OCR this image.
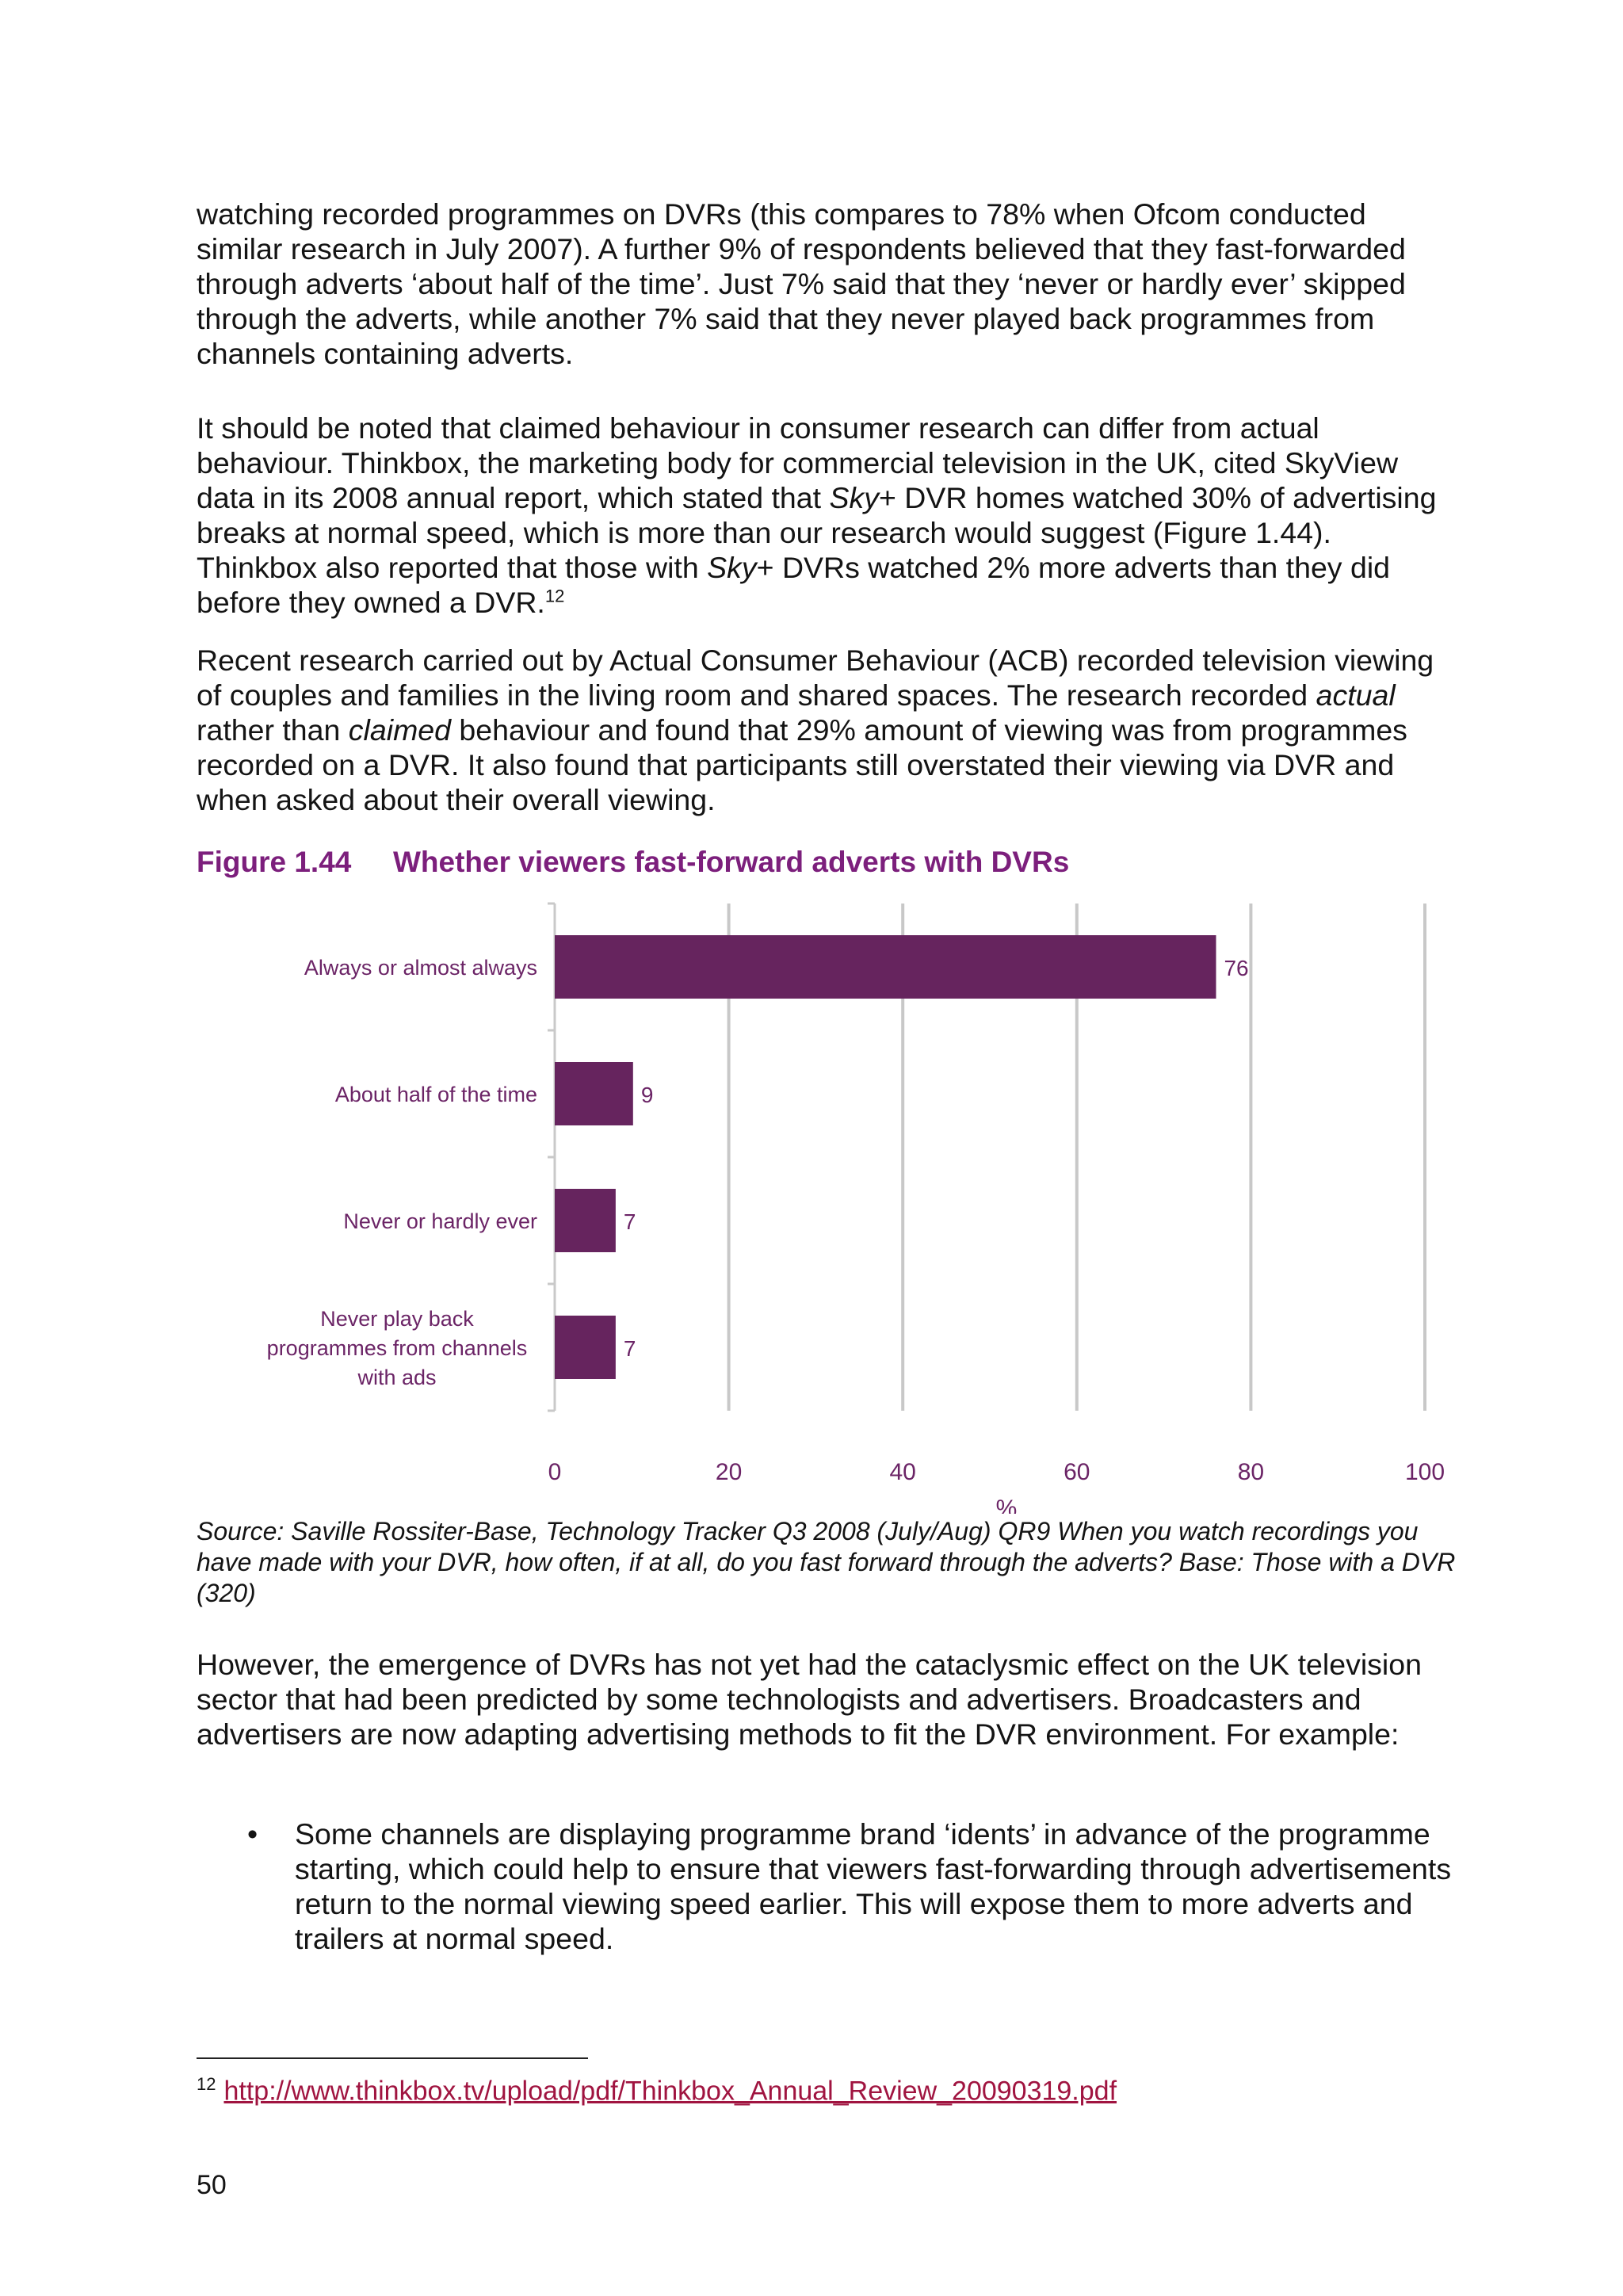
watching recorded programmes on DVRs (this compares to 78% when Ofcom conducted similar research in July 2007). A further 9% of respondents believed that they fast-forwarded through adverts ‘about half of the time’. Just 7% said that they ‘never or hardly ever’ skipped through the adverts, while another 7% said that they never played back programmes from channels containing adverts.

It should be noted that claimed behaviour in consumer research can differ from actual behaviour. Thinkbox, the marketing body for commercial television in the UK, cited SkyView data in its 2008 annual report, which stated that Sky+ DVR homes watched 30% of advertising breaks at normal speed, which is more than our research would suggest (Figure 1.44). Thinkbox also reported that those with Sky+ DVRs watched 2% more adverts than they did before they owned a DVR.$^{12}$

Recent research carried out by Actual Consumer Behaviour (ACB) recorded television viewing of couples and families in the living room and shared spaces. The research recorded actual rather than claimed behaviour and found that 29% amount of viewing was from programmes recorded on a DVR. It also found that participants still overstated their viewing via DVR and when asked about their overall viewing.

Figure 1.44 Whether viewers fast-forward adverts with DVRs

76
Always or almost always
9
About half of the time
7
Never or hardly ever
7
Never play back programmes from channels with ads
0	20	40	60	80	100
%

Source: Saville Rossiter-Base, Technology Tracker Q3 2008 (July/Aug) QR9 When you watch recordings you have made with your DVR, how often, if at all, do you fast forward through the adverts? Base: Those with a DVR (320)

However, the emergence of DVRs has not yet had the cataclysmic effect on the UK television sector that had been predicted by some technologists and advertisers. Broadcasters and advertisers are now adapting advertising methods to fit the DVR environment. For example:

• Some channels are displaying programme brand ‘idents’ in advance of the programme starting, which could help to ensure that viewers fast-forwarding through advertisements return to the normal viewing speed earlier. This will expose them to more adverts and trailers at normal speed.

$^{12}$ http://www.thinkbox.tv/upload/pdf/Thinkbox_Annual_Review_20090319.pdf

50
